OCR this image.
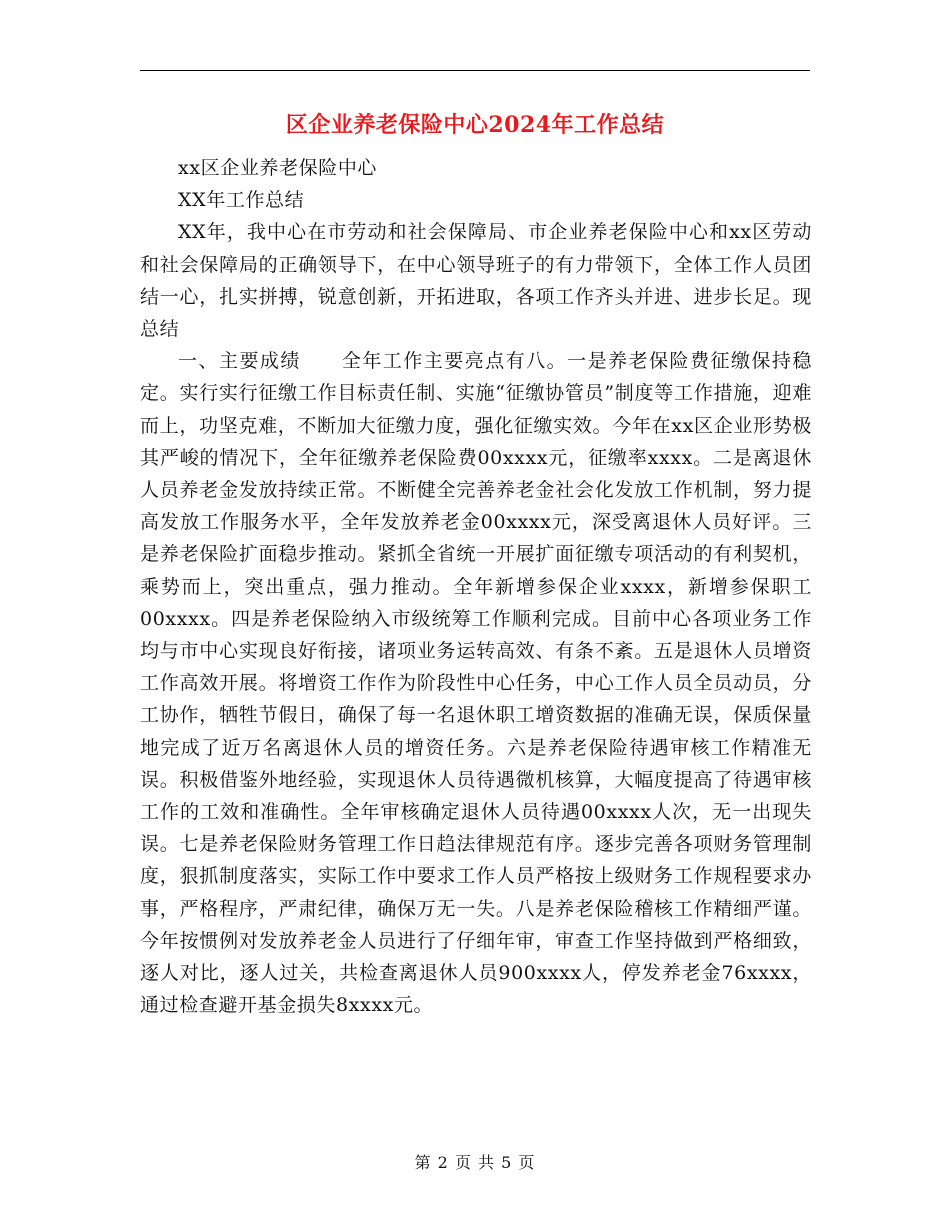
区企业养老保险中心2024年工作总结

xx区企业养老保险中心

XX年工作总结

XX年，我中心在市劳动和社会保障局、市企业养老保险中心和xx区劳动和社会保障局的正确领导下，在中心领导班子的有力带领下，全体工作人员团结一心，扎实拼搏，锐意创新，开拓进取，各项工作齐头并进、进步长足。现总结

一、主要成绩　　全年工作主要亮点有八。一是养老保险费征缴保持稳定。实行实行征缴工作目标责任制、实施“征缴协管员”制度等工作措施，迎难而上，功坚克难，不断加大征缴力度，强化征缴实效。今年在xx区企业形势极其严峻的情况下，全年征缴养老保险费00xxxx元，征缴率xxxx。二是离退休人员养老金发放持续正常。不断健全完善养老金社会化发放工作机制，努力提高发放工作服务水平，全年发放养老金00xxxx元，深受离退休人员好评。三是养老保险扩面稳步推动。紧抓全省统一开展扩面征缴专项活动的有利契机，乘势而上，突出重点，强力推动。全年新增参保企业xxxx，新增参保职工00xxxx。四是养老保险纳入市级统筹工作顺利完成。目前中心各项业务工作均与市中心实现良好衔接，诸项业务运转高效、有条不紊。五是退休人员增资工作高效开展。将增资工作作为阶段性中心任务，中心工作人员全员动员，分工协作，牺牲节假日，确保了每一名退休职工增资数据的准确无误，保质保量地完成了近万名离退休人员的增资任务。六是养老保险待遇审核工作精准无误。积极借鉴外地经验，实现退休人员待遇微机核算，大幅度提高了待遇审核工作的工效和准确性。全年审核确定退休人员待遇00xxxx人次，无一出现失误。七是养老保险财务管理工作日趋法律规范有序。逐步完善各项财务管理制度，狠抓制度落实，实际工作中要求工作人员严格按上级财务工作规程要求办事，严格程序，严肃纪律，确保万无一失。八是养老保险稽核工作精细严谨。今年按惯例对发放养老金人员进行了仔细年审，审查工作坚持做到严格细致，逐人对比，逐人过关，共检查离退休人员900xxxx人，停发养老金76xxxx，通过检查避开基金损失8xxxx元。

第 2 页 共 5 页
